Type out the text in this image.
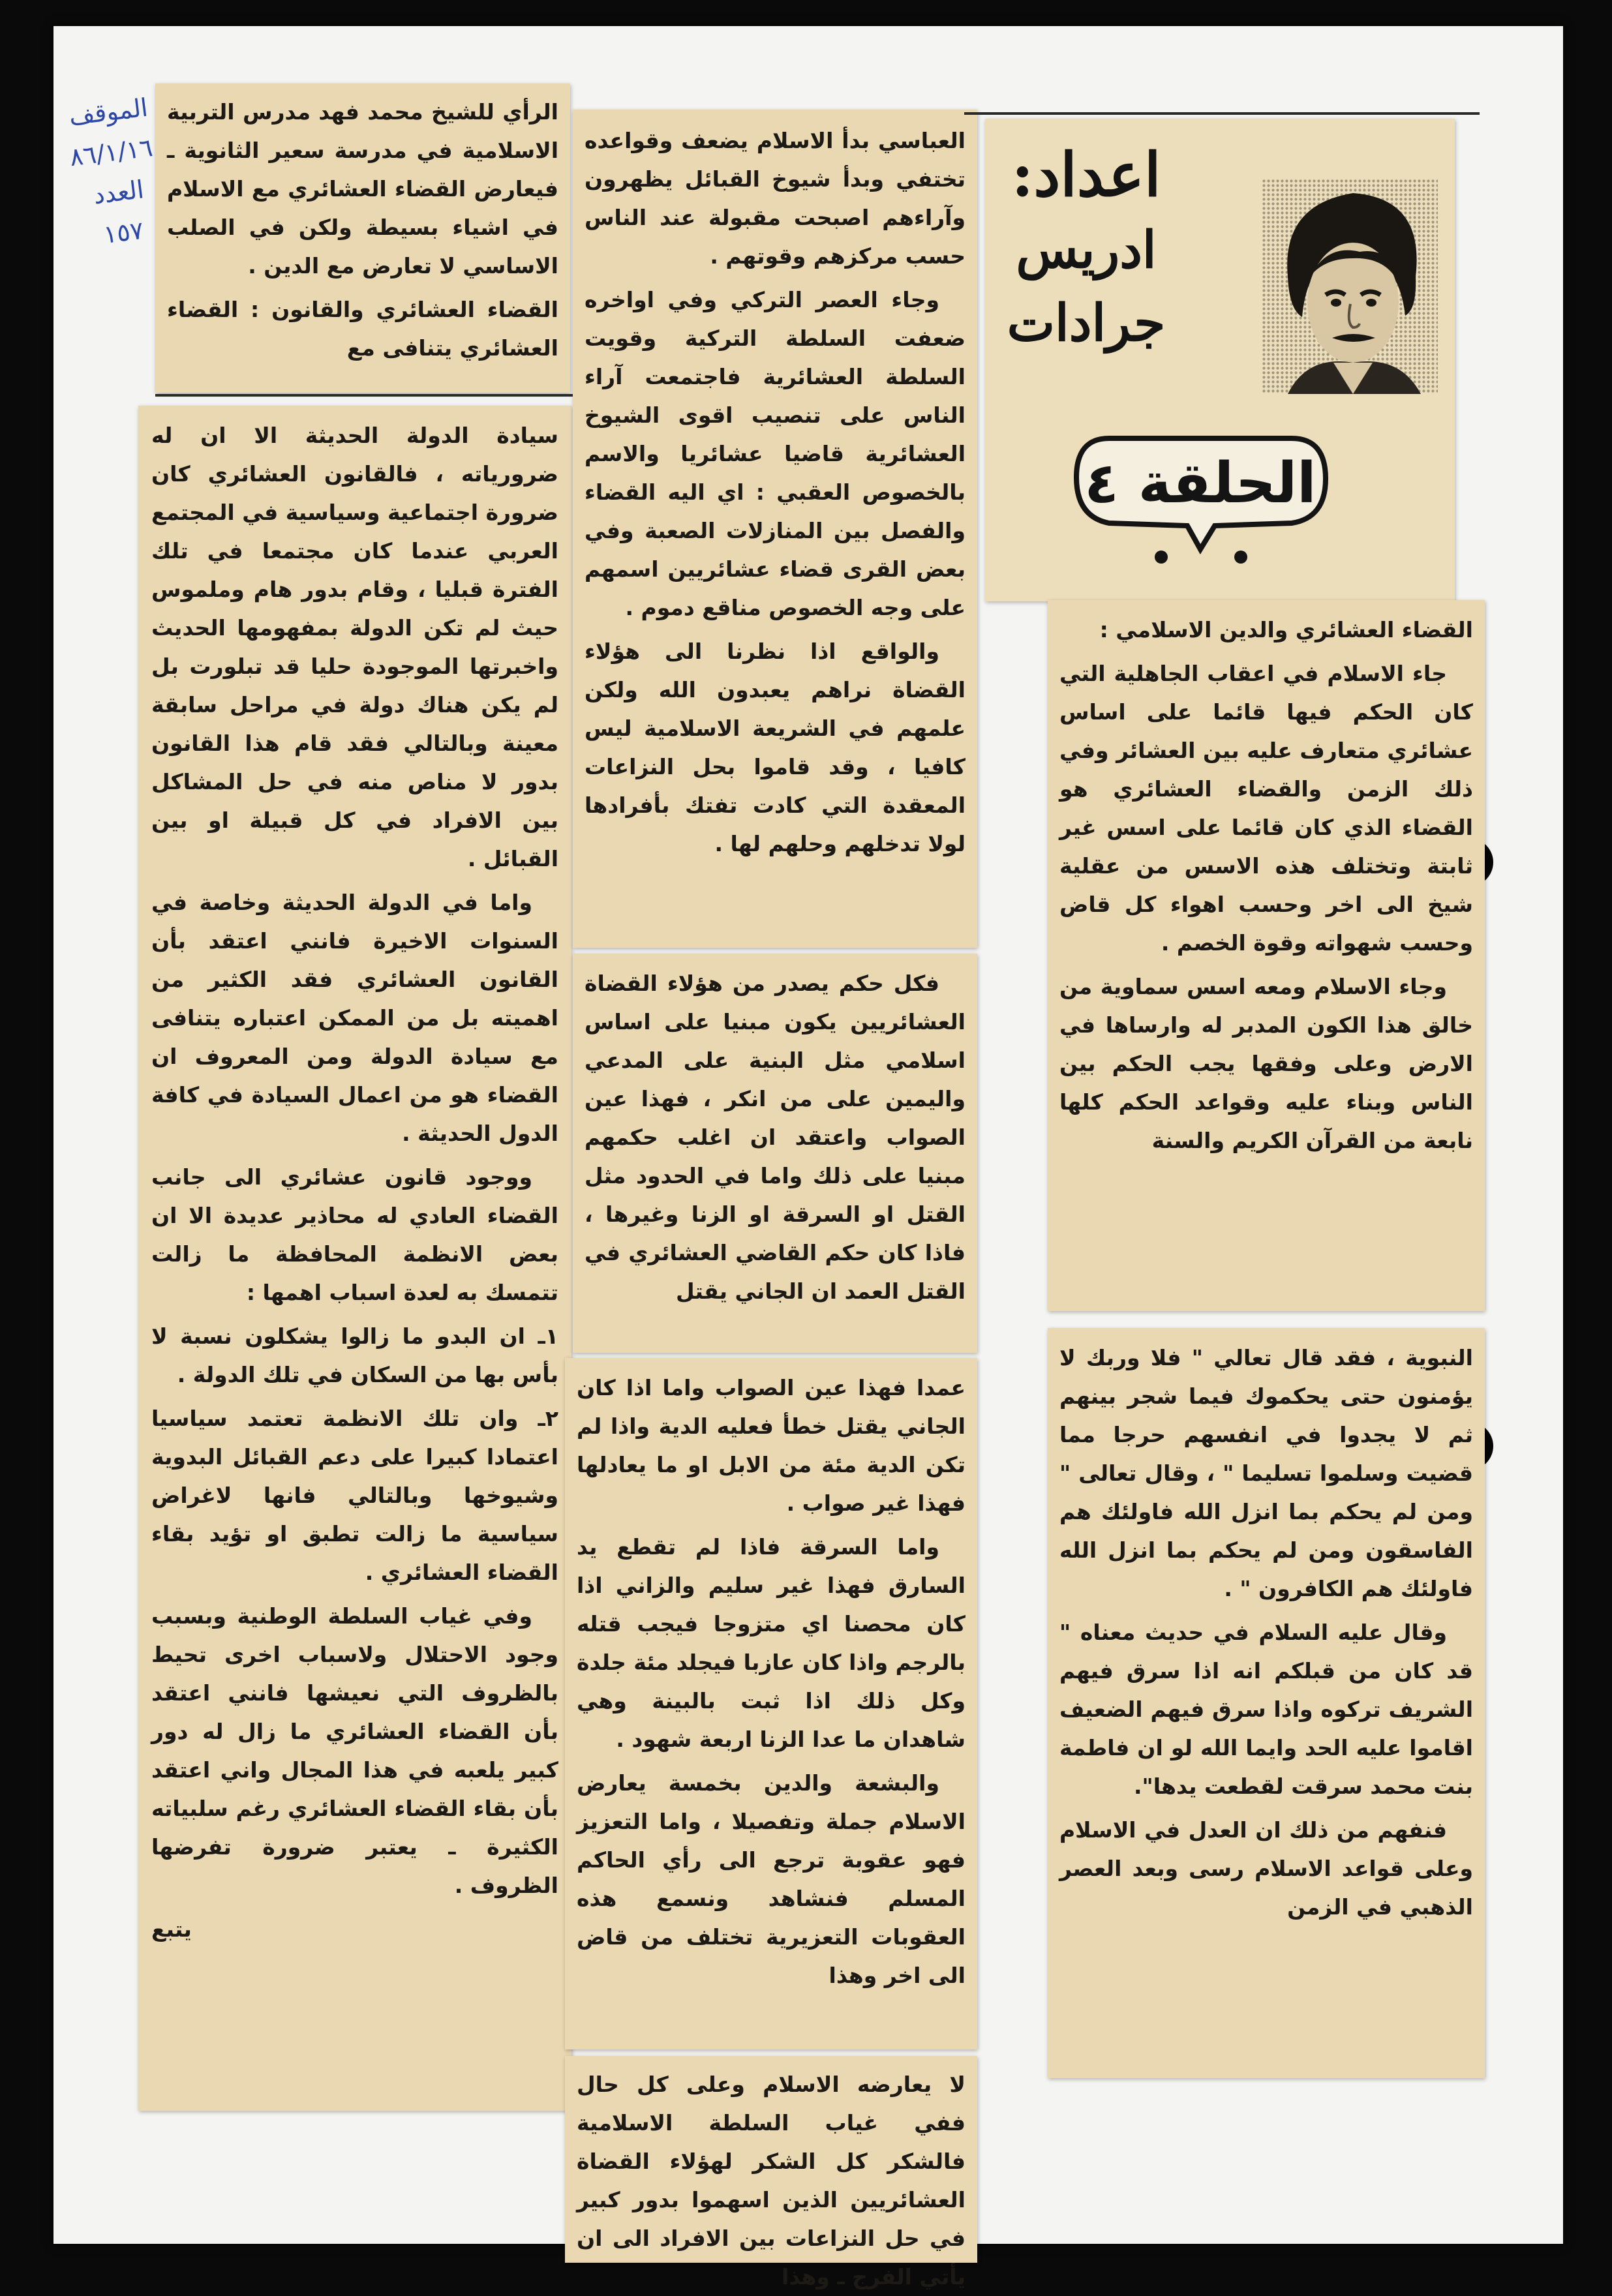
الرأي للشيخ محمد فهد مدرس التربية الاسلامية في مدرسة سعير الثانوية ـ فيعارض القضاء العشائري مع الاسلام في اشياء بسيطة ولكن في الصلب الاساسي لا تعارض مع الدين .

القضاء العشائري والقانون : القضاء العشائري يتنافى مع

الموقف
٨٦/١/١٦
العدد
١٥٧

سيادة الدولة الحديثة الا ان له ضرورياته ، فالقانون العشائري كان ضرورة اجتماعية وسياسية في المجتمع العربي عندما كان مجتمعا في تلك الفترة قبليا ، وقام بدور هام وملموس حيث لم تكن الدولة بمفهومها الحديث واخبرتها الموجودة حليا قد تبلورت بل لم يكن هناك دولة في مراحل سابقة معينة وبالتالي فقد قام هذا القانون بدور لا مناص منه في حل المشاكل بين الافراد في كل قبيلة او بين القبائل .

واما في الدولة الحديثة وخاصة في السنوات الاخيرة فانني اعتقد بأن القانون العشائري فقد الكثير من اهميته بل من الممكن اعتباره يتنافى مع سيادة الدولة ومن المعروف ان القضاء هو من اعمال السيادة في كافة الدول الحديثة .

ووجود قانون عشائري الى جانب القضاء العادي له محاذير عديدة الا ان بعض الانظمة المحافظة ما زالت تتمسك به لعدة اسباب اهمها :

١ـ ان البدو ما زالوا يشكلون نسبة لا بأس بها من السكان في تلك الدولة .

٢ـ وان تلك الانظمة تعتمد سياسيا اعتمادا كبيرا على دعم القبائل البدوية وشيوخها وبالتالي فانها لاغراض سياسية ما زالت تطبق او تؤيد بقاء القضاء العشائري .

وفي غياب السلطة الوطنية وبسبب وجود الاحتلال ولاسباب اخرى تحيط بالظروف التي نعيشها فانني اعتقد بأن القضاء العشائري ما زال له دور كبير يلعبه في هذا المجال واني اعتقد بأن بقاء القضاء العشائري رغم سلبياته الكثيرة ـ يعتبر ضرورة تفرضها الظروف .

يتبع

العباسي بدأ الاسلام يضعف وقواعده تختفي وبدأ شيوخ القبائل يظهرون وآراءهم اصبحت مقبولة عند الناس حسب مركزهم وقوتهم .

وجاء العصر التركي وفي اواخره ضعفت السلطة التركية وقويت السلطة العشائرية فاجتمعت آراء الناس على تنصيب اقوى الشيوخ العشائرية قاضيا عشائريا والاسم بالخصوص العقبي : اي اليه القضاء والفصل بين المنازلات الصعبة وفي بعض القرى قضاء عشائريين اسمهم على وجه الخصوص مناقع دموم .

والواقع اذا نظرنا الى هؤلاء القضاة نراهم يعبدون الله ولكن علمهم في الشريعة الاسلامية ليس كافيا ، وقد قاموا بحل النزاعات المعقدة التي كادت تفتك بأفرادها لولا تدخلهم وحلهم لها .

فكل حكم يصدر من هؤلاء القضاة العشائريين يكون مبنيا على اساس اسلامي مثل البنية على المدعي واليمين على من انكر ، فهذا عين الصواب واعتقد ان اغلب حكمهم مبنيا على ذلك واما في الحدود مثل القتل او السرقة او الزنا وغيرها ، فاذا كان حكم القاضي العشائري في القتل العمد ان الجاني يقتل

عمدا فهذا عين الصواب واما اذا كان الجاني يقتل خطأ فعليه الدية واذا لم تكن الدية مئة من الابل او ما يعادلها فهذا غير صواب .

واما السرقة فاذا لم تقطع يد السارق فهذا غير سليم والزاني اذا كان محصنا اي متزوجا فيجب قتله بالرجم واذا كان عازبا فيجلد مئة جلدة وكل ذلك اذا ثبت بالبينة وهي شاهدان ما عدا الزنا اربعة شهود .

والبشعة والدين بخمسة يعارض الاسلام جملة وتفصيلا ، واما التعزيز فهو عقوبة ترجع الى رأي الحاكم المسلم فنشاهد ونسمع هذه العقوبات التعزيرية تختلف من قاض الى اخر وهذا

لا يعارضه الاسلام وعلى كل حال ففي غياب السلطة الاسلامية فالشكر كل الشكر لهؤلاء القضاة العشائريين الذين اسهموا بدور كبير في حل النزاعات بين الافراد الى ان يأتي الفرج ـ وهذا

اعداد:
ادريس
جرادات
الحلقة ٤

القضاء العشائري والدين الاسلامي :

جاء الاسلام في اعقاب الجاهلية التي كان الحكم فيها قائما على اساس عشائري متعارف عليه بين العشائر وفي ذلك الزمن والقضاء العشائري هو القضاء الذي كان قائما على اسس غير ثابتة وتختلف هذه الاسس من عقلية شيخ الى اخر وحسب اهواء كل قاض وحسب شهواته وقوة الخصم .

وجاء الاسلام ومعه اسس سماوية من خالق هذا الكون المدبر له وارساها في الارض وعلى وفقها يجب الحكم بين الناس وبناء عليه وقواعد الحكم كلها نابعة من القرآن الكريم والسنة

النبوية ، فقد قال تعالي " فلا وربك لا يؤمنون حتى يحكموك فيما شجر بينهم ثم لا يجدوا في انفسهم حرجا مما قضيت وسلموا تسليما " ، وقال تعالى " ومن لم يحكم بما انزل الله فاولئك هم الفاسقون ومن لم يحكم بما انزل الله فاولئك هم الكافرون " .

وقال عليه السلام في حديث معناه " قد كان من قبلكم انه اذا سرق فيهم الشريف تركوه واذا سرق فيهم الضعيف اقاموا عليه الحد وايما الله لو ان فاطمة بنت محمد سرقت لقطعت يدها".

فنفهم من ذلك ان العدل في الاسلام وعلى قواعد الاسلام رسى وبعد العصر الذهبي في الزمن
